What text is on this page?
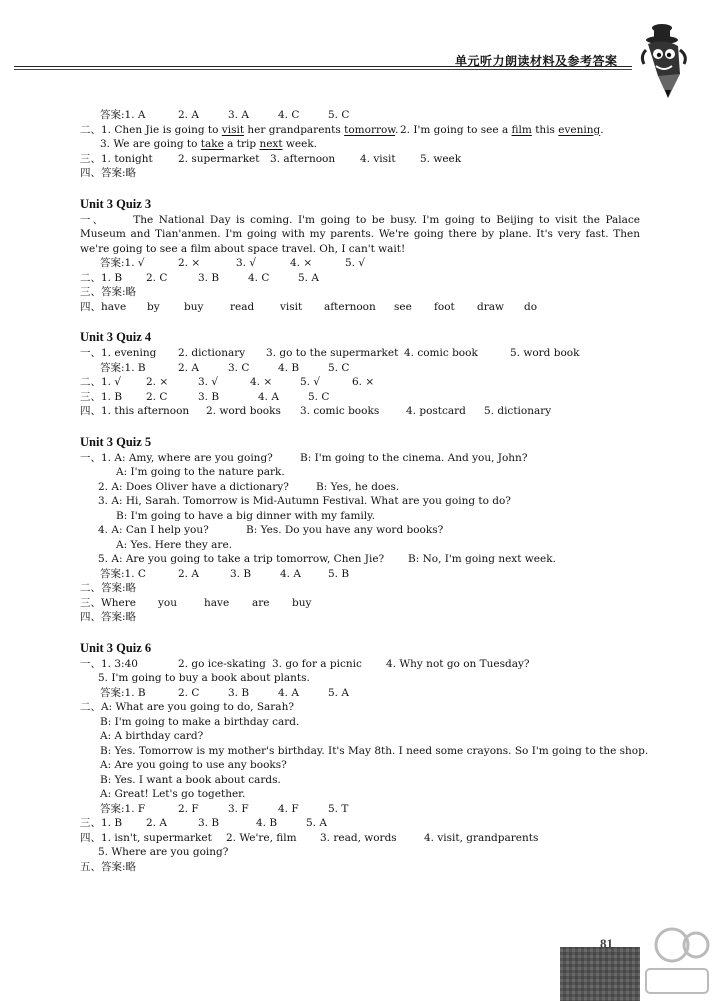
单元听力朗读材料及参考答案
答案:1. A	2. A	3. A	4. C	5. C
二、1. Chen Jie is going to visit her grandparents tomorrow. 2. I'm going to see a film this evening.
3. We are going to take a trip next week.
三、1. tonight 2. supermarket 3. afternoon 4. visit 5. week
四、答案:略
Unit 3 Quiz 3
一、	The National Day is coming. I'm going to be busy. I'm going to Beijing to visit the Palace Museum and Tian'anmen. I'm going with my parents. We're going there by plane. It's very fast. Then we're going to see a film about space travel. Oh, I can't wait!
答案:1. √	2. ×	3. √	4. ×	5. √
二、1. B 2. C	3. B	4. C	5. A
三、答案:略
四、have by buy	read visit afternoon see foot draw do
Unit 3 Quiz 4
一、1. evening 2. dictionary 3. go to the supermarket 4. comic book	5. word book
答案:1. B	2. A	3. C	4. B	5. C
二、1. √ 2. ×	3. √	4. ×	5. √	6. ×
三、1. B 2. C	3. B	4. A	5. C
四、1. this afternoon 2. word books 3. comic books	4. postcard 5. dictionary
Unit 3 Quiz 5
一、1. A: Amy, where are you going?	B: I'm going to the cinema. And you, John?
A: I'm going to the nature park.
2. A: Does Oliver have a dictionary?	B: Yes, he does.
3. A: Hi, Sarah. Tomorrow is Mid-Autumn Festival. What are you going to do?
B: I'm going to have a big dinner with my family.
4. A: Can I help you?	B: Yes. Do you have any word books?
A: Yes. Here they are.
5. A: Are you going to take a trip tomorrow, Chen Jie? B: No, I'm going next week.
答案:1. C	2. A	3. B	4. A	5. B
二、答案:略
三、Where you	have are buy
四、答案:略
Unit 3 Quiz 6
一、1. 3:40	2. go ice-skating 3. go for a picnic 4. Why not go on Tuesday?
5. I'm going to buy a book about plants.
答案:1. B	2. C	3. B	4. A	5. A
二、A: What are you going to do, Sarah?
B: I'm going to make a birthday card.
A: A birthday card?
B: Yes. Tomorrow is my mother's birthday. It's May 8th. I need some crayons. So I'm going to the shop.
A: Are you going to use any books?
B: Yes. I want a book about cards.
A: Great! Let's go together.
答案:1. F	2. F	3. F	4. F	5. T
三、1. B 2. A	3. B	4. B	5. A
四、1. isn't, supermarket 2. We're, film 3. read, words	4. visit, grandparents
5. Where are you going?
五、答案:略
81
